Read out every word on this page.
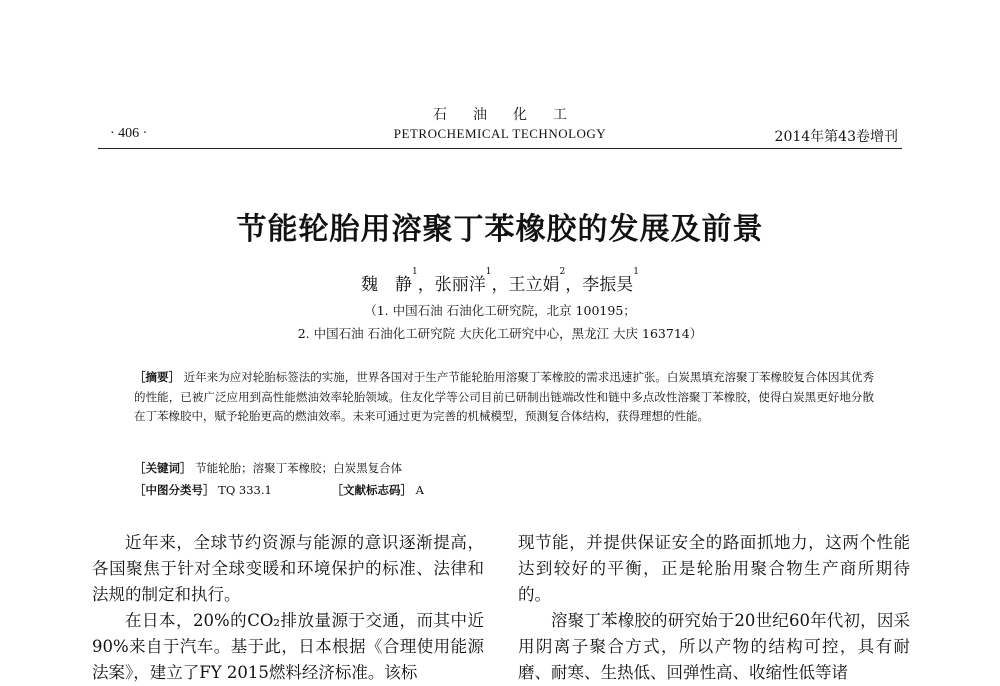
石油化工
· 406 ·	PETROCHEMICAL TECHNOLOGY	2014年第43卷增刊
节能轮胎用溶聚丁苯橡胶的发展及前景
魏　静$^1$，张丽洋$^1$，王立娟$^2$，李振昊$^1$
（1. 中国石油 石油化工研究院，北京 100195；
2. 中国石油 石油化工研究院 大庆化工研究中心，黑龙江 大庆 163714）
［摘要］ 近年来为应对轮胎标签法的实施，世界各国对于生产节能轮胎用溶聚丁苯橡胶的需求迅速扩张。白炭黑填充溶聚丁苯橡胶复合体因其优秀的性能，已被广泛应用到高性能燃油效率轮胎领域。住友化学等公司目前已研制出链端改性和链中多点改性溶聚丁苯橡胶，使得白炭黑更好地分散在丁苯橡胶中，赋予轮胎更高的燃油效率。未来可通过更为完善的机械模型，预测复合体结构，获得理想的性能。
［关键词］ 节能轮胎；溶聚丁苯橡胶；白炭黑复合体
［中图分类号］ TQ 333.1	［文献标志码］ A

近年来，全球节约资源与能源的意识逐渐提高，各国聚焦于针对全球变暖和环境保护的标准、法律和法规的制定和执行。

在日本，20%的CO₂排放量源于交通，而其中近90%来自于汽车。基于此，日本根据《合理使用能源法案》，建立了FY 2015燃料经济标准。该标

现节能，并提供保证安全的路面抓地力，这两个性能达到较好的平衡，正是轮胎用聚合物生产商所期待的。

溶聚丁苯橡胶的研究始于20世纪60年代初，因采用阴离子聚合方式，所以产物的结构可控，具有耐磨、耐寒、生热低、回弹性高、收缩性低等诸
